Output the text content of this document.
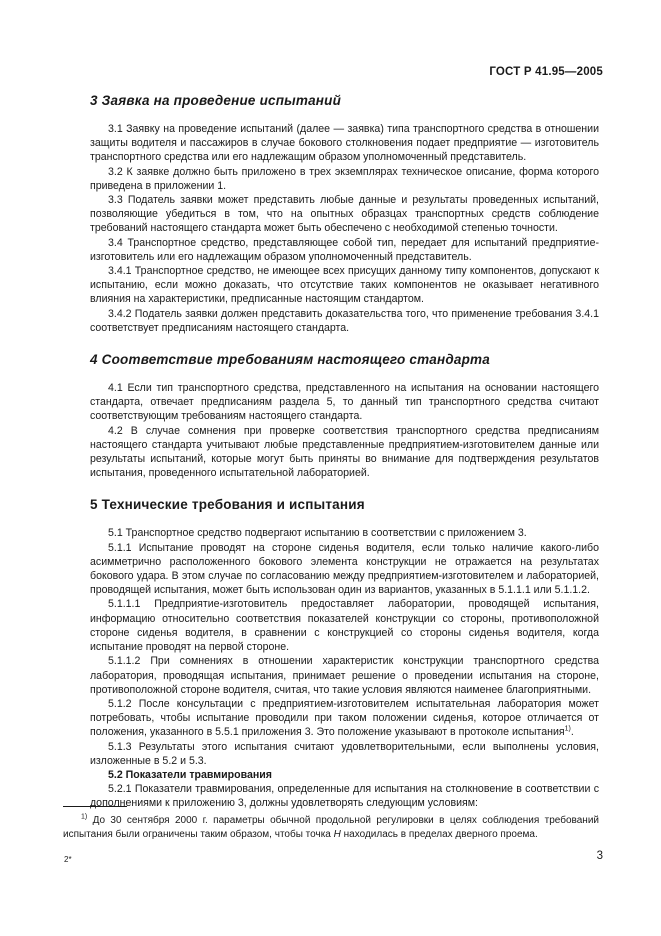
ГОСТ Р 41.95—2005
3 Заявка на проведение испытаний

3.1 Заявку на проведение испытаний (далее — заявка) типа транспортного средства в отношении защиты водителя и пассажиров в случае бокового столкновения подает предприятие — изготовитель транспортного средства или его надлежащим образом уполномоченный представитель.

3.2 К заявке должно быть приложено в трех экземплярах техническое описание, форма которого приведена в приложении 1.

3.3 Податель заявки может представить любые данные и результаты проведенных испытаний, позволяющие убедиться в том, что на опытных образцах транспортных средств соблюдение требований настоящего стандарта может быть обеспечено с необходимой степенью точности.

3.4 Транспортное средство, представляющее собой тип, передает для испытаний предприятие-изготовитель или его надлежащим образом уполномоченный представитель.

3.4.1 Транспортное средство, не имеющее всех присущих данному типу компонентов, допускают к испытанию, если можно доказать, что отсутствие таких компонентов не оказывает негативного влияния на характеристики, предписанные настоящим стандартом.

3.4.2 Податель заявки должен представить доказательства того, что применение требования 3.4.1 соответствует предписаниям настоящего стандарта.

4 Соответствие требованиям настоящего стандарта

4.1 Если тип транспортного средства, представленного на испытания на основании настоящего стандарта, отвечает предписаниям раздела 5, то данный тип транспортного средства считают соответствующим требованиям настоящего стандарта.

4.2 В случае сомнения при проверке соответствия транспортного средства предписаниям настоящего стандарта учитывают любые представленные предприятием-изготовителем данные или результаты испытаний, которые могут быть приняты во внимание для подтверждения результатов испытания, проведенного испытательной лабораторией.

5 Технические требования и испытания

5.1 Транспортное средство подвергают испытанию в соответствии с приложением 3.

5.1.1 Испытание проводят на стороне сиденья водителя, если только наличие какого-либо асимметрично расположенного бокового элемента конструкции не отражается на результатах бокового удара. В этом случае по согласованию между предприятием-изготовителем и лабораторией, проводящей испытания, может быть использован один из вариантов, указанных в 5.1.1.1 или 5.1.1.2.

5.1.1.1 Предприятие-изготовитель предоставляет лаборатории, проводящей испытания, информацию относительно соответствия показателей конструкции со стороны, противоположной стороне сиденья водителя, в сравнении с конструкцией со стороны сиденья водителя, когда испытание проводят на первой стороне.

5.1.1.2 При сомнениях в отношении характеристик конструкции транспортного средства лаборатория, проводящая испытания, принимает решение о проведении испытания на стороне, противоположной стороне водителя, считая, что такие условия являются наименее благоприятными.

5.1.2 После консультации с предприятием-изготовителем испытательная лаборатория может потребовать, чтобы испытание проводили при таком положении сиденья, которое отличается от положения, указанного в 5.5.1 приложения 3. Это положение указывают в протоколе испытания$^{1)}$.

5.1.3 Результаты этого испытания считают удовлетворительными, если выполнены условия, изложенные в 5.2 и 5.3.

5.2 Показатели травмирования

5.2.1 Показатели травмирования, определенные для испытания на столкновение в соответствии с дополнениями к приложению 3, должны удовлетворять следующим условиям:

$^{1)}$ До 30 сентября 2000 г. параметры обычной продольной регулировки в целях соблюдения требований испытания были ограничены таким образом, чтобы точка H находилась в пределах дверного проема.

2*	3
